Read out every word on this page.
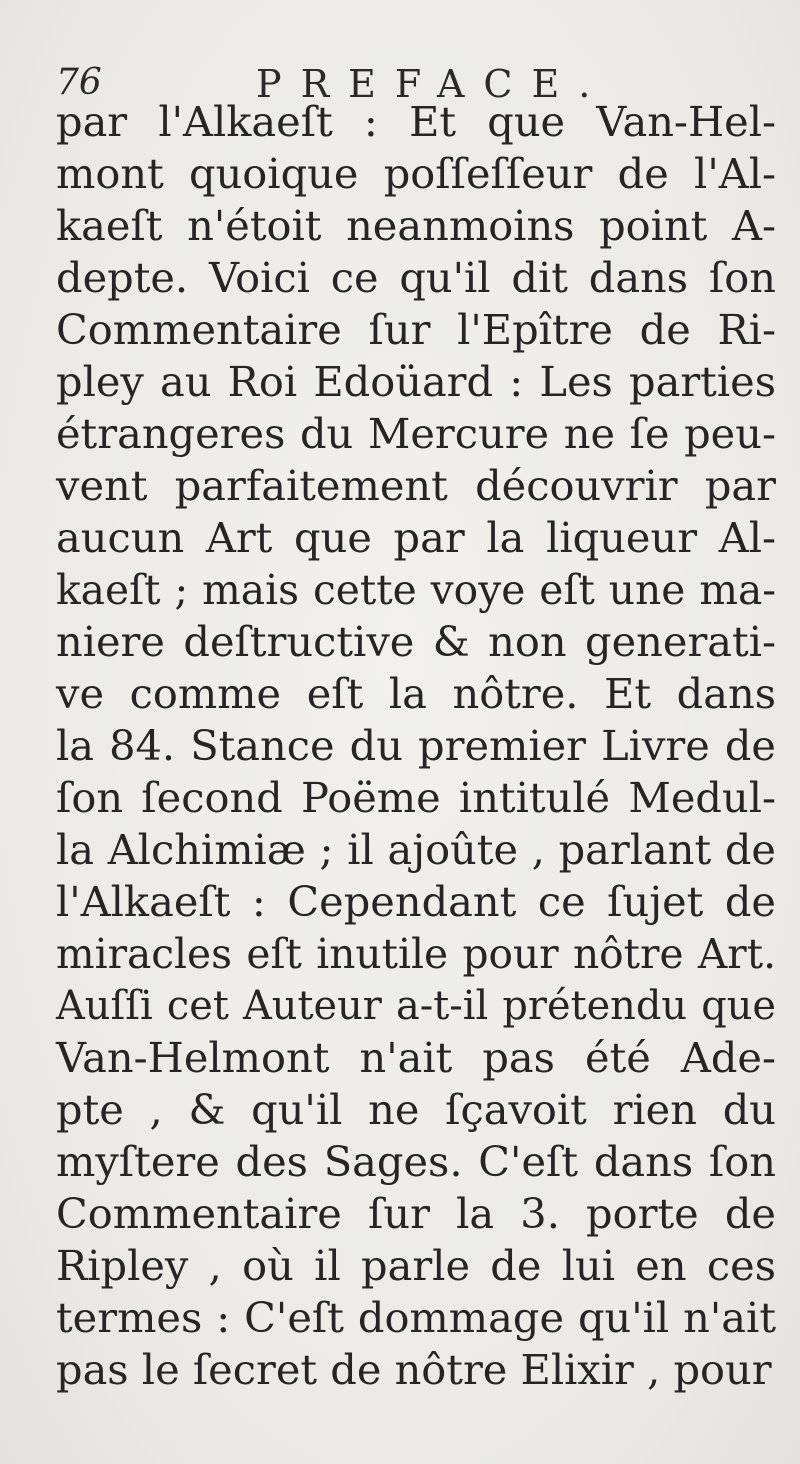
76	PREFACE.
par l'Alkaeſt : Et que Van-Hel-
mont quoique poſſeſſeur de l'Al-
kaeſt n'étoit neanmoins point A-
depte. Voici ce qu'il dit dans ſon
Commentaire ſur l'Epître de Ri-
pley au Roi Edoüard : Les parties
étrangeres du Mercure ne ſe peu-
vent parfaitement découvrir par
aucun Art que par la liqueur Al-
kaeſt ; mais cette voye eſt une ma-
niere deſtructive & non generati-
ve comme eſt la nôtre. Et dans
la 84. Stance du premier Livre de
ſon ſecond Poëme intitulé Medul-
la Alchimiæ ; il ajoûte , parlant de
l'Alkaeſt : Cependant ce ſujet de
miracles eſt inutile pour nôtre Art.
Auſſi cet Auteur a-t-il prétendu que
Van-Helmont n'ait pas été Ade-
pte , & qu'il ne ſçavoit rien du
myſtere des Sages. C'eſt dans ſon
Commentaire ſur la 3. porte de
Ripley , où il parle de lui en ces
termes : C'eſt dommage qu'il n'ait
pas le ſecret de nôtre Elixir , pour
